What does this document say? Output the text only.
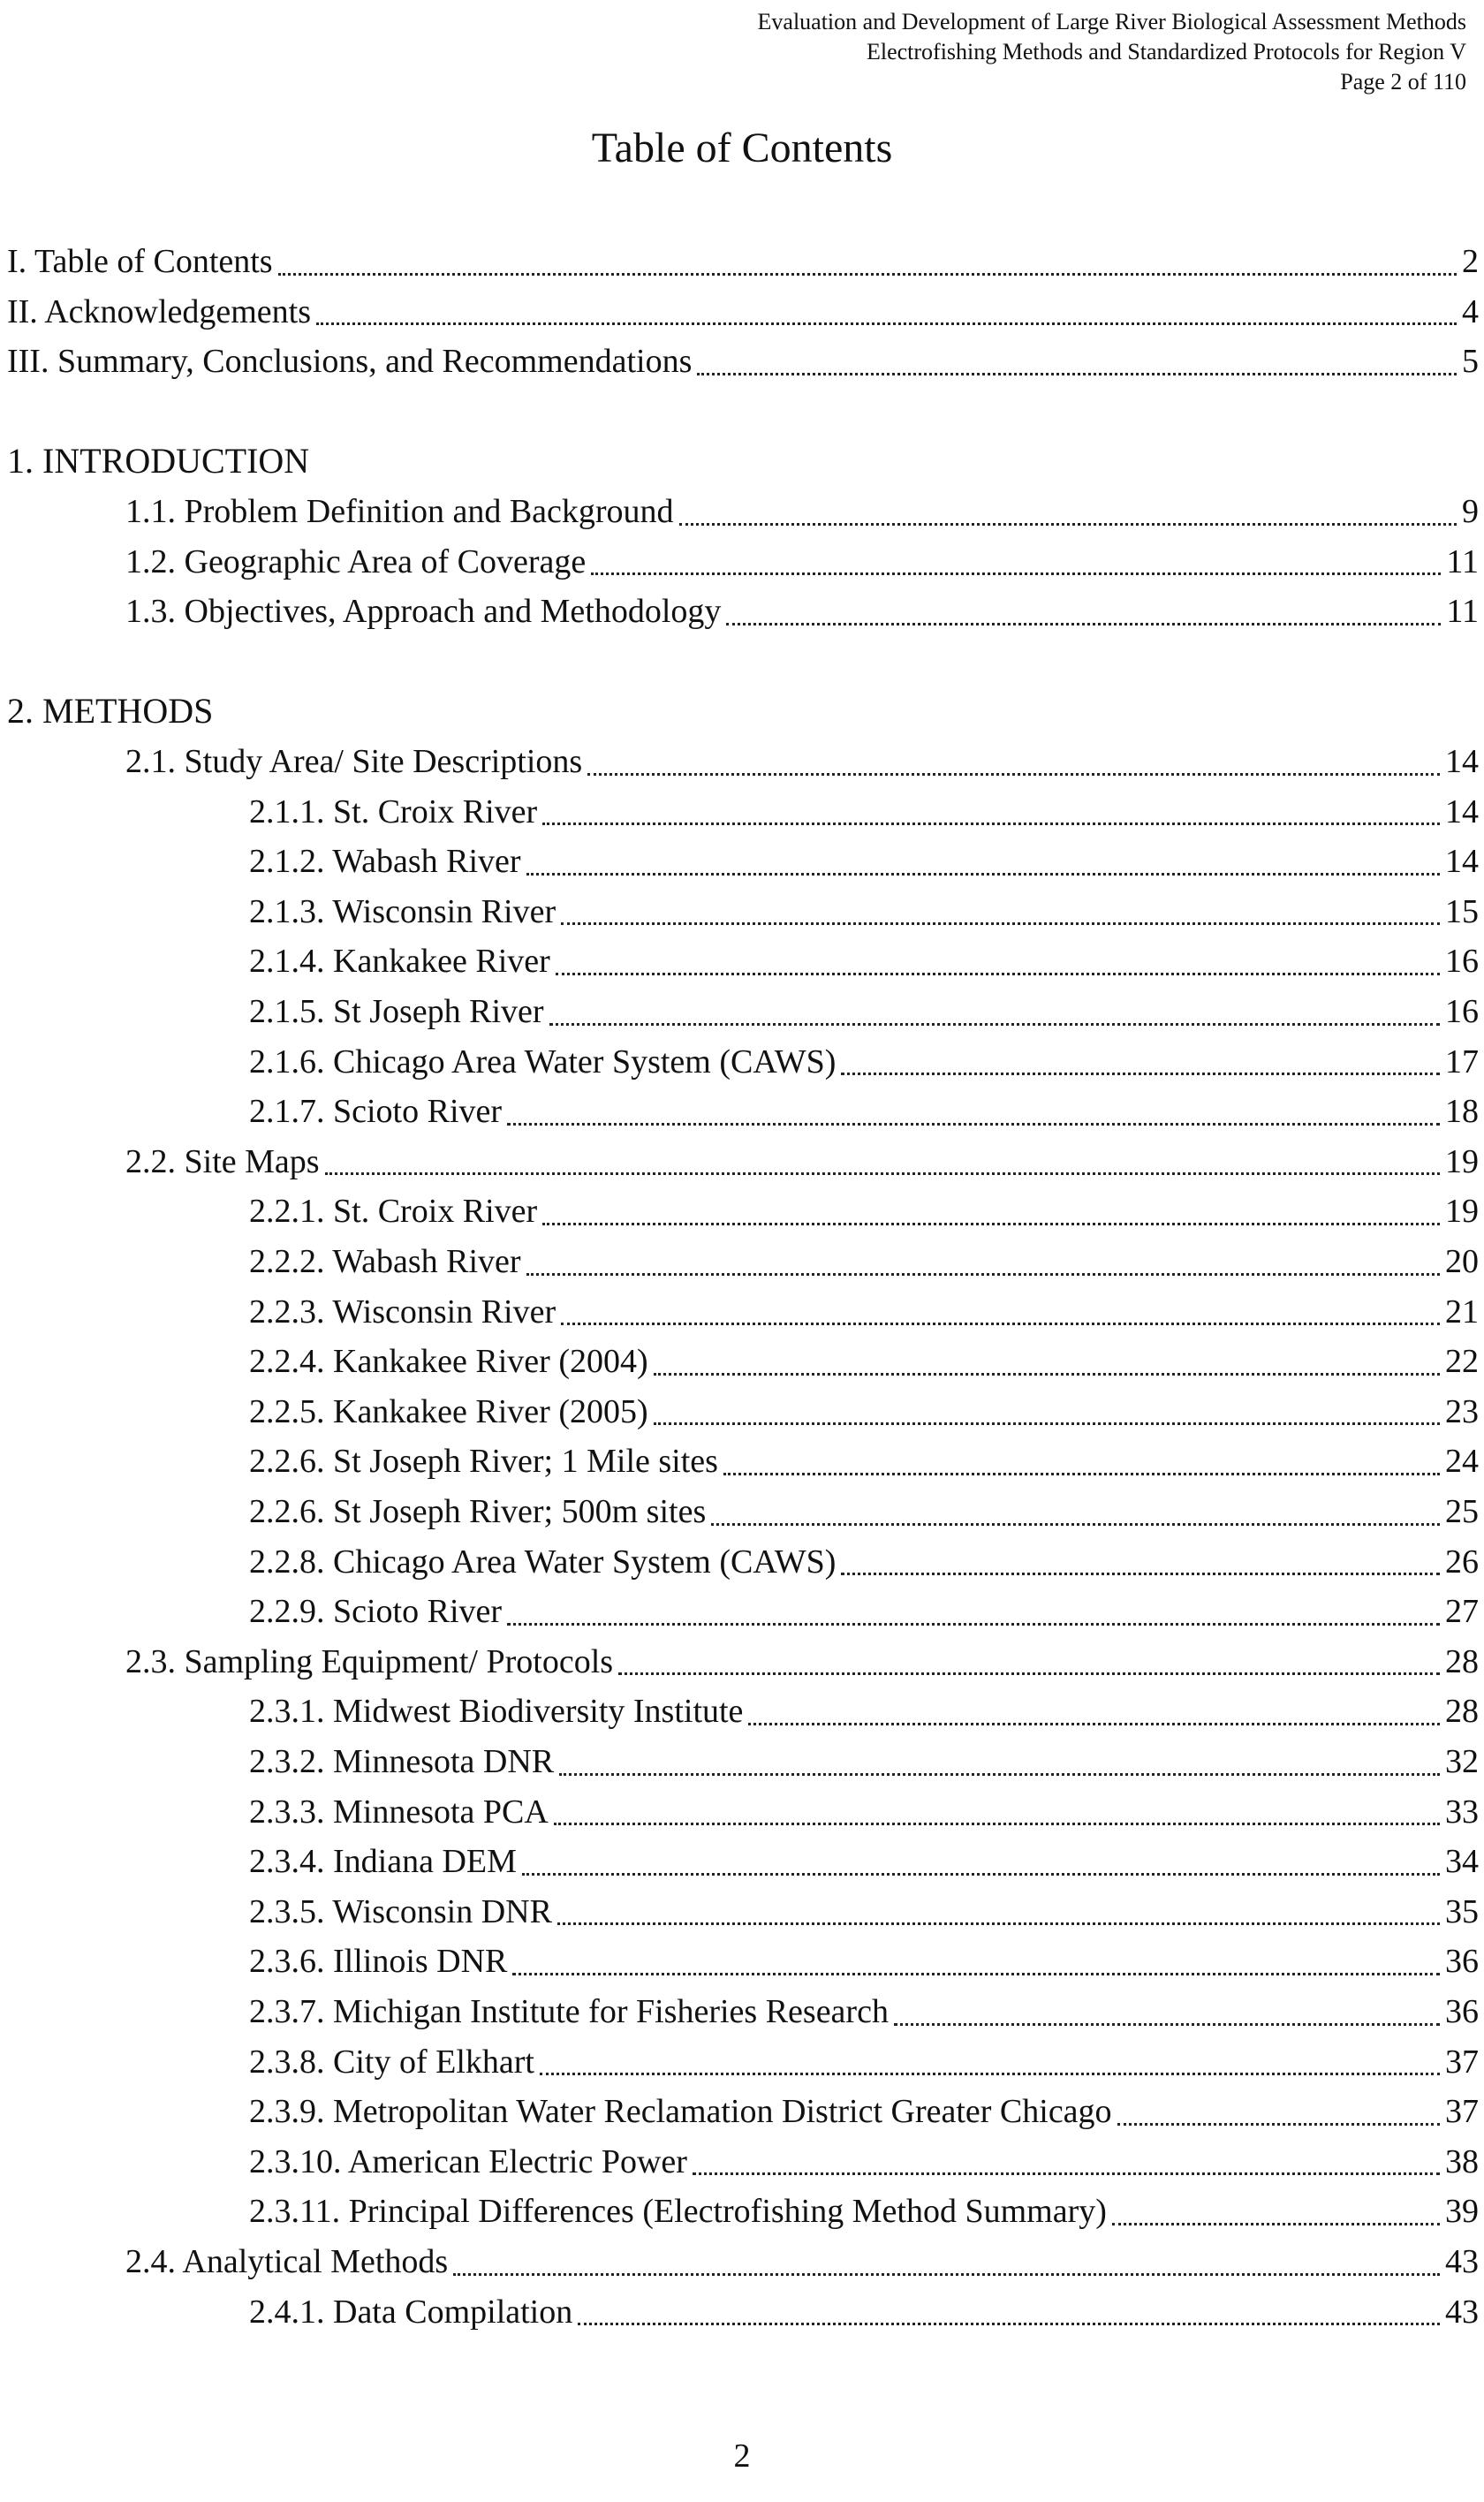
Evaluation and Development of Large River Biological Assessment Methods
Electrofishing Methods and Standardized Protocols for Region V
Page 2 of 110
Table of Contents
I. Table of Contents	2
II. Acknowledgements	4
III. Summary, Conclusions, and Recommendations	5
1. INTRODUCTION
1.1. Problem Definition and Background	9
1.2. Geographic Area of Coverage	11
1.3. Objectives, Approach and Methodology	11
2. METHODS
2.1. Study Area/ Site Descriptions	14
2.1.1. St. Croix River	14
2.1.2. Wabash River	14
2.1.3. Wisconsin River	15
2.1.4. Kankakee River	16
2.1.5. St Joseph River	16
2.1.6. Chicago Area Water System (CAWS)	17
2.1.7. Scioto River	18
2.2. Site Maps	19
2.2.1. St. Croix River	19
2.2.2. Wabash River	20
2.2.3. Wisconsin River	21
2.2.4. Kankakee River (2004)	22
2.2.5. Kankakee River (2005)	23
2.2.6. St Joseph River; 1 Mile sites	24
2.2.6. St Joseph River; 500m sites	25
2.2.8. Chicago Area Water System (CAWS)	26
2.2.9. Scioto River	27
2.3. Sampling Equipment/ Protocols	28
2.3.1. Midwest Biodiversity Institute	28
2.3.2. Minnesota DNR	32
2.3.3. Minnesota PCA	33
2.3.4. Indiana DEM	34
2.3.5. Wisconsin DNR	35
2.3.6. Illinois DNR	36
2.3.7. Michigan Institute for Fisheries Research	36
2.3.8. City of Elkhart	37
2.3.9. Metropolitan Water Reclamation District Greater Chicago	37
2.3.10. American Electric Power	38
2.3.11. Principal Differences (Electrofishing Method Summary)	39
2.4. Analytical Methods	43
2.4.1. Data Compilation	43
2
